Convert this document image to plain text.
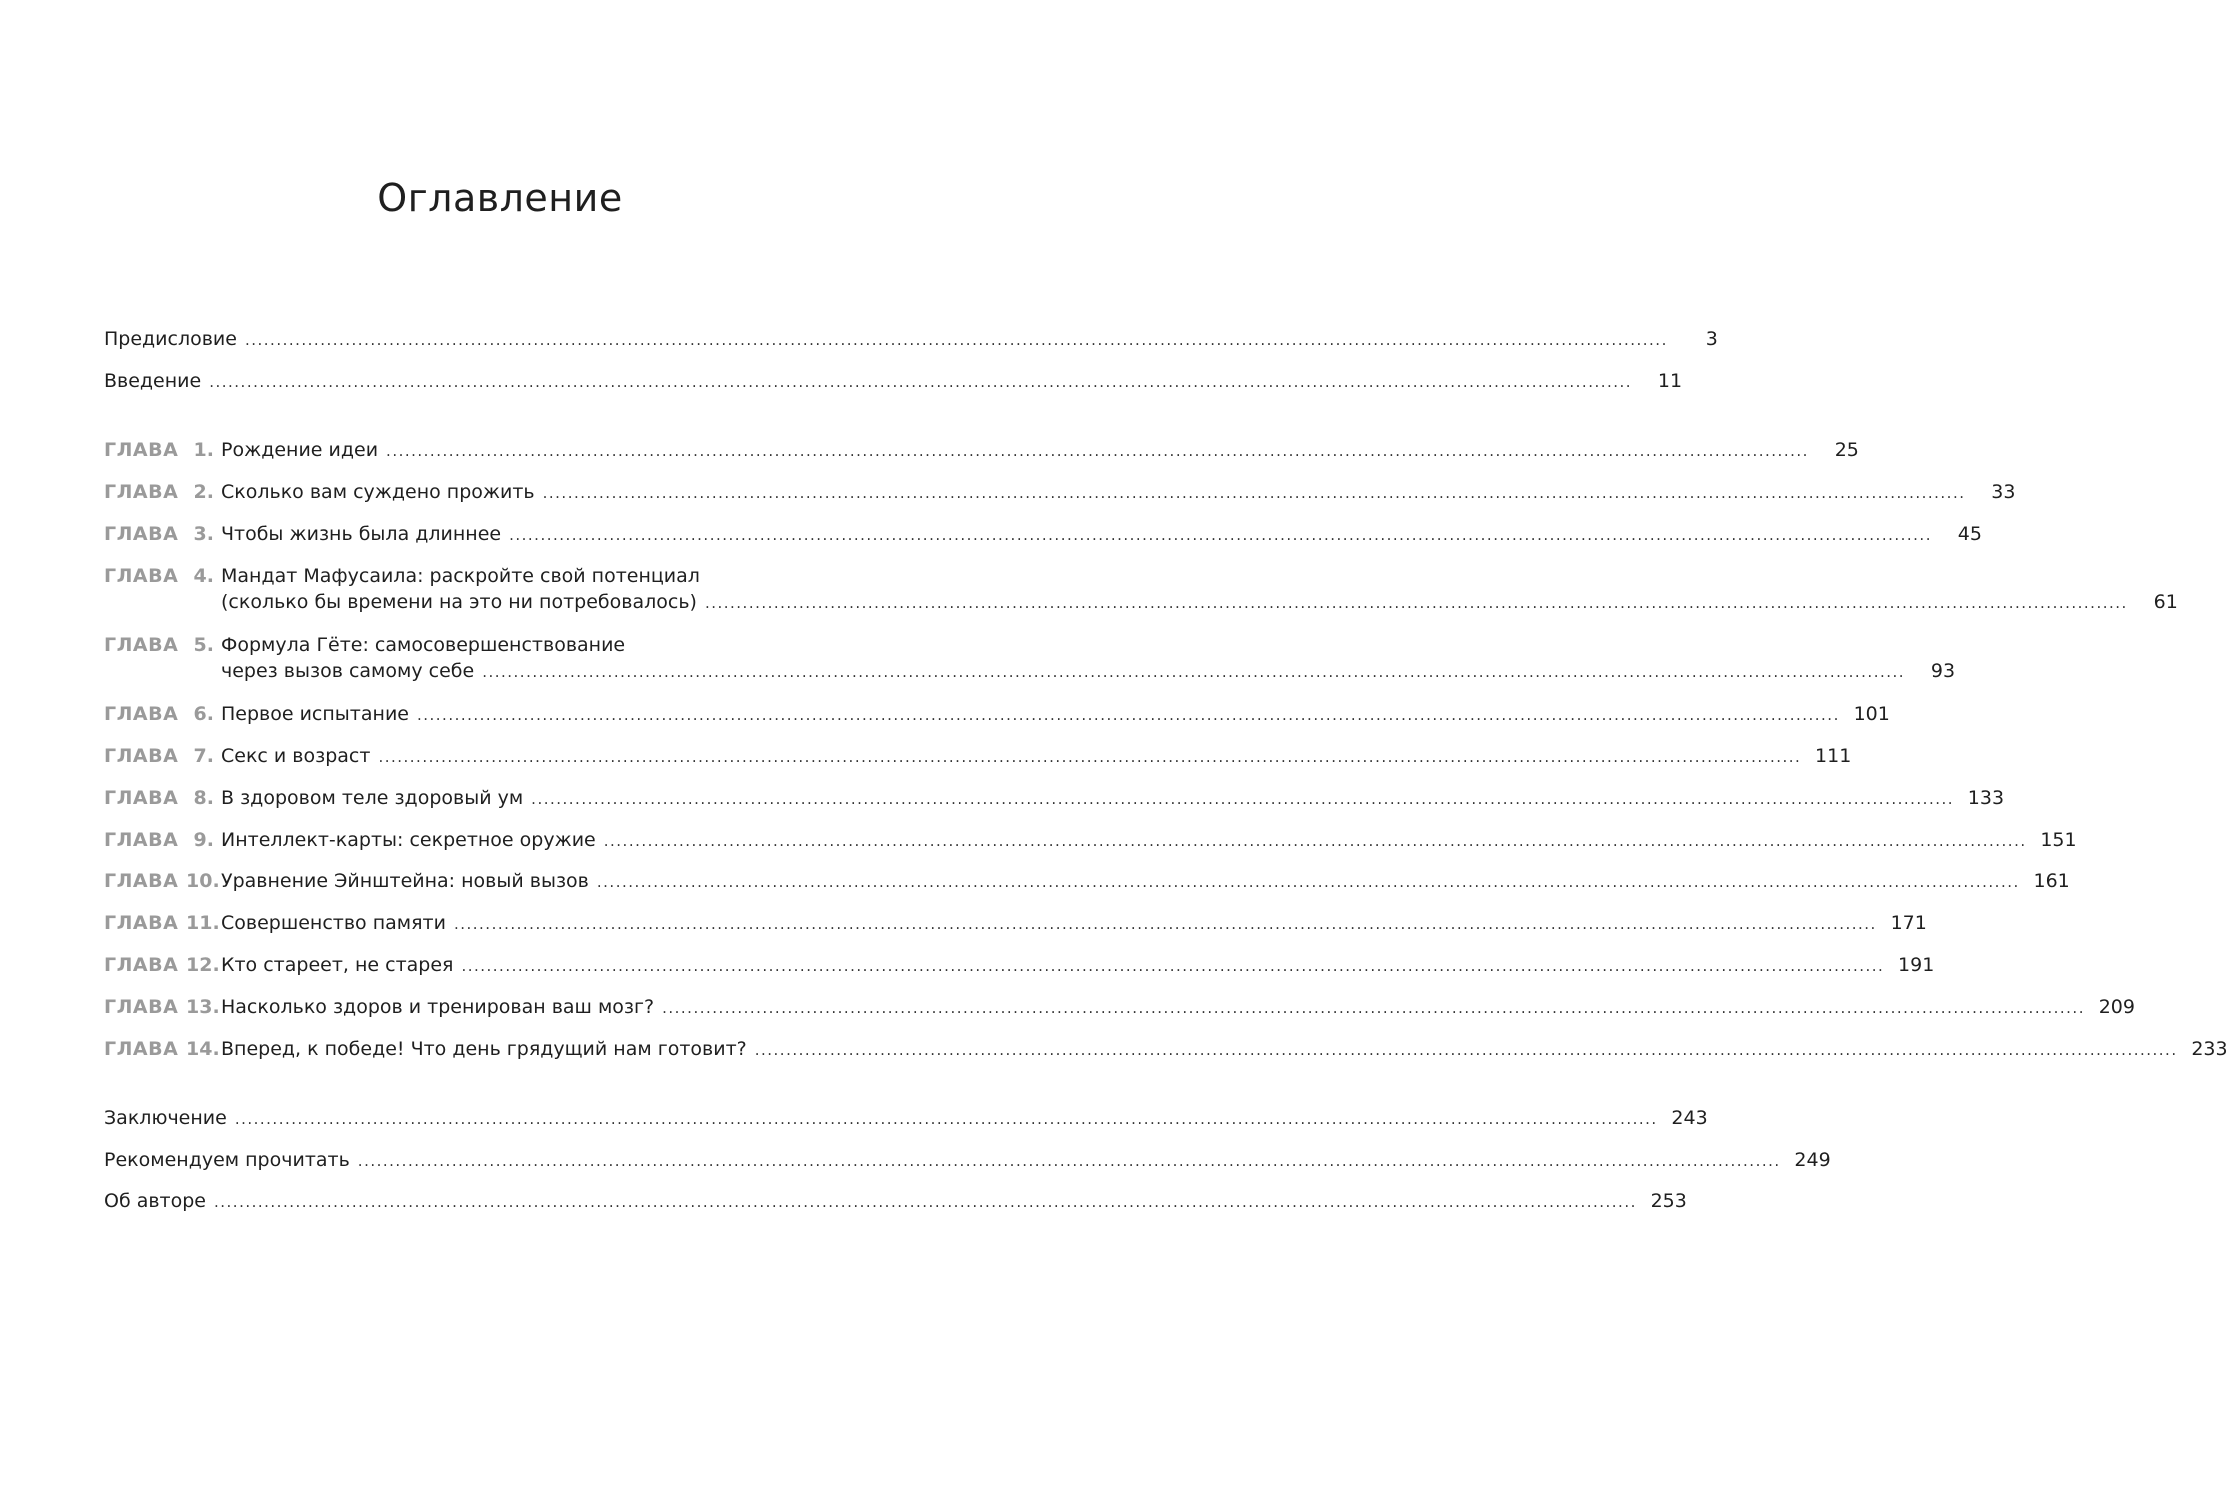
Оглавление
Предисловие .....	3
Введение .....	11
ГЛАВА 1. Рождение идеи .....	25
ГЛАВА 2. Сколько вам суждено прожить .....	33
ГЛАВА 3. Чтобы жизнь была длиннее .....	45
ГЛАВА 4. Мандат Мафусаила: раскройте свой потенциал
(сколько бы времени на это ни потребовалось) .....	61
ГЛАВА 5. Формула Гёте: самосовершенствование
через вызов самому себе .....	93
ГЛАВА 6. Первое испытание .....	101
ГЛАВА 7. Секс и возраст .....	111
ГЛАВА 8. В здоровом теле здоровый ум .....	133
ГЛАВА 9. Интеллект-карты: секретное оружие .....	151
ГЛАВА 10. Уравнение Эйнштейна: новый вызов .....	161
ГЛАВА 11. Совершенство памяти .....	171
ГЛАВА 12. Кто стареет, не старея .....	191
ГЛАВА 13. Насколько здоров и тренирован ваш мозг? .....	209
ГЛАВА 14. Вперед, к победе! Что день грядущий нам готовит? .....	233
Заключение .....	243
Рекомендуем прочитать .....	249
Об авторе .....	253
